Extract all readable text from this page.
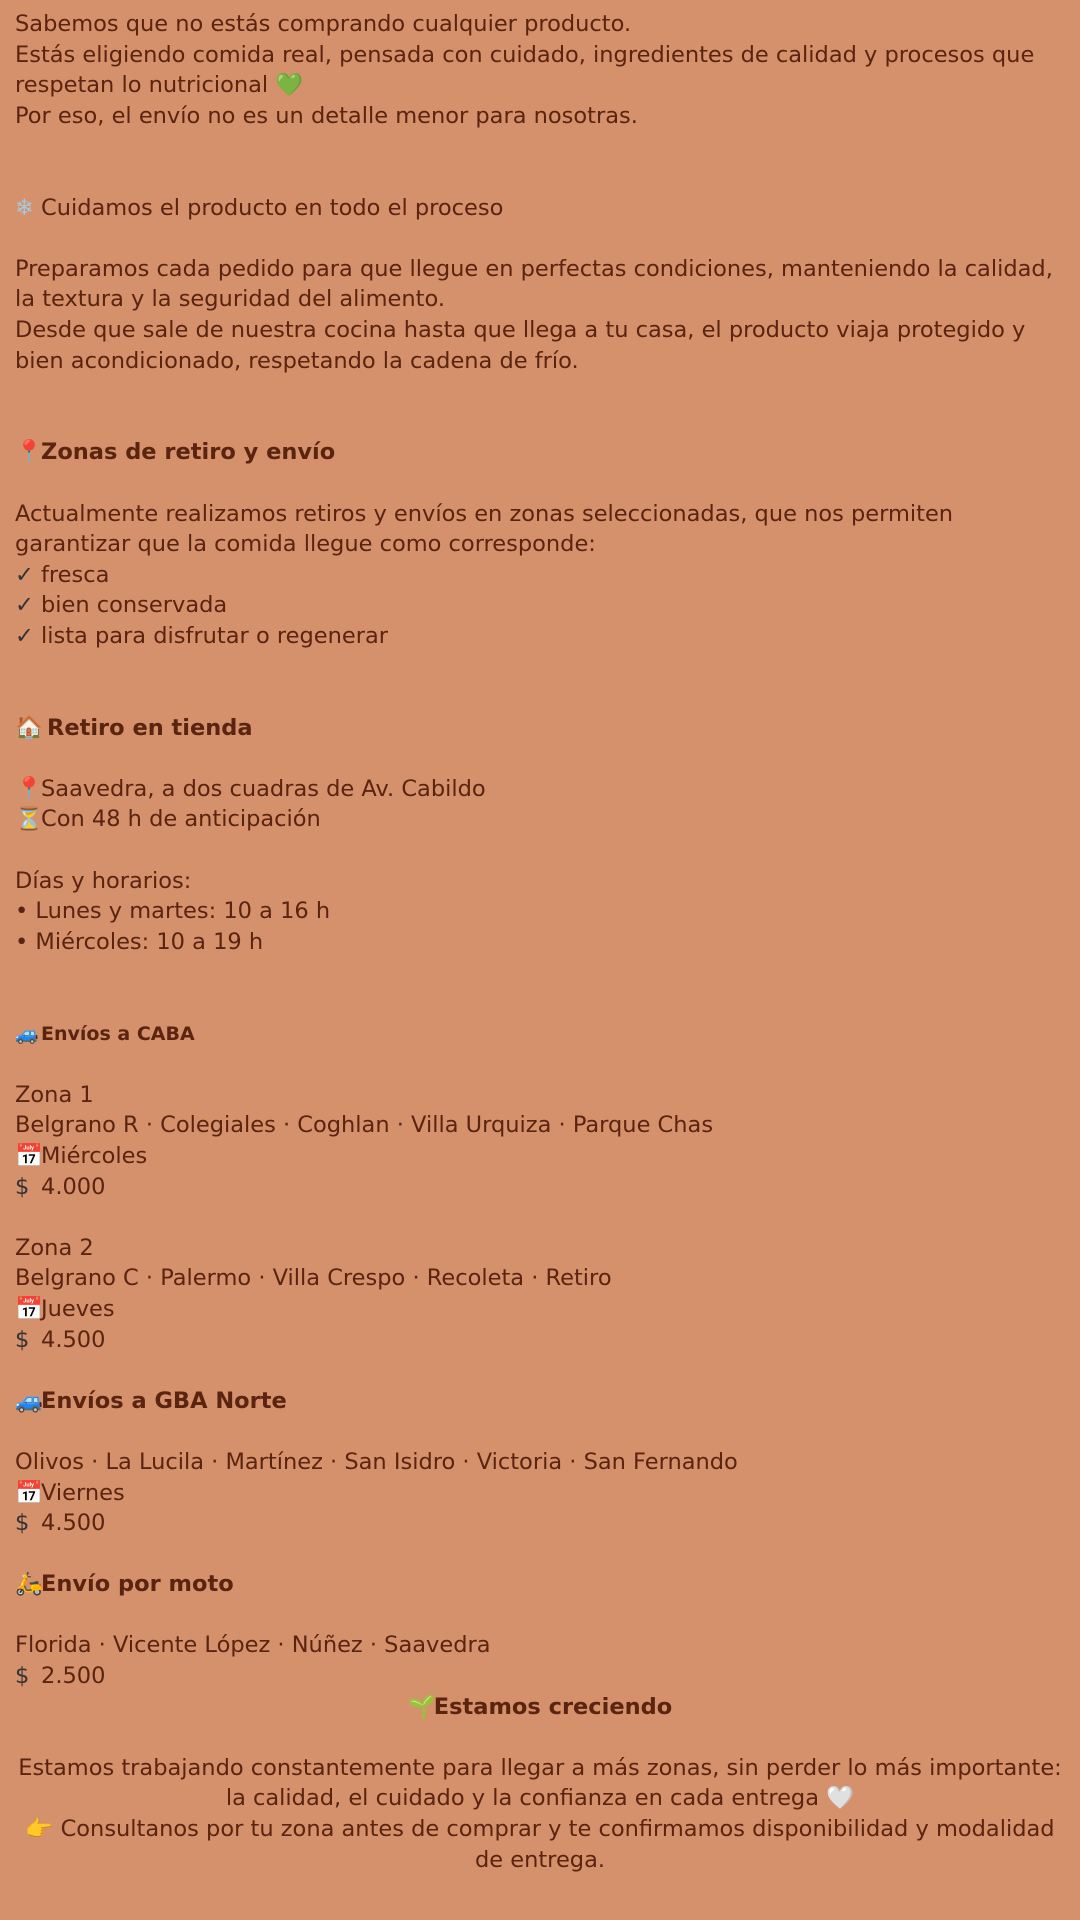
Sabemos que no estás comprando cualquier producto.

Estás eligiendo comida real, pensada con cuidado, ingredientes de calidad y procesos que respetan lo nutricional 💚

Por eso, el envío no es un detalle menor para nosotras.

❄ Cuidamos el producto en todo el proceso

Preparamos cada pedido para que llegue en perfectas condiciones, manteniendo la calidad, la textura y la seguridad del alimento.

Desde que sale de nuestra cocina hasta que llega a tu casa, el producto viaja protegido y bien acondicionado, respetando la cadena de frío.

📍Zonas de retiro y envío

Actualmente realizamos retiros y envíos en zonas seleccionadas, que nos permiten garantizar que la comida llegue como corresponde:

✓ fresca

✓ bien conservada

✓ lista para disfrutar o regenerar

🏠 Retiro en tienda

📍Saavedra, a dos cuadras de Av. Cabildo

⏳Con 48 h de anticipación

Días y horarios:

• Lunes y martes: 10 a 16 h

• Miércoles: 10 a 19 h

🚙 Envíos a CABA

Zona 1

Belgrano R · Colegiales · Coghlan · Villa Urquiza · Parque Chas

📅Miércoles

$ 4.000

Zona 2

Belgrano C · Palermo · Villa Crespo · Recoleta · Retiro

📅Jueves

$ 4.500

🚙Envíos a GBA Norte

Olivos · La Lucila · Martínez · San Isidro · Victoria · San Fernando

📅Viernes

$ 4.500

🛵Envío por moto

Florida · Vicente López · Núñez · Saavedra

$ 2.500

🌱Estamos creciendo

Estamos trabajando constantemente para llegar a más zonas, sin perder lo más importante: la calidad, el cuidado y la confianza en cada entrega 🤍

👉 Consultanos por tu zona antes de comprar y te confirmamos disponibilidad y modalidad de entrega.
